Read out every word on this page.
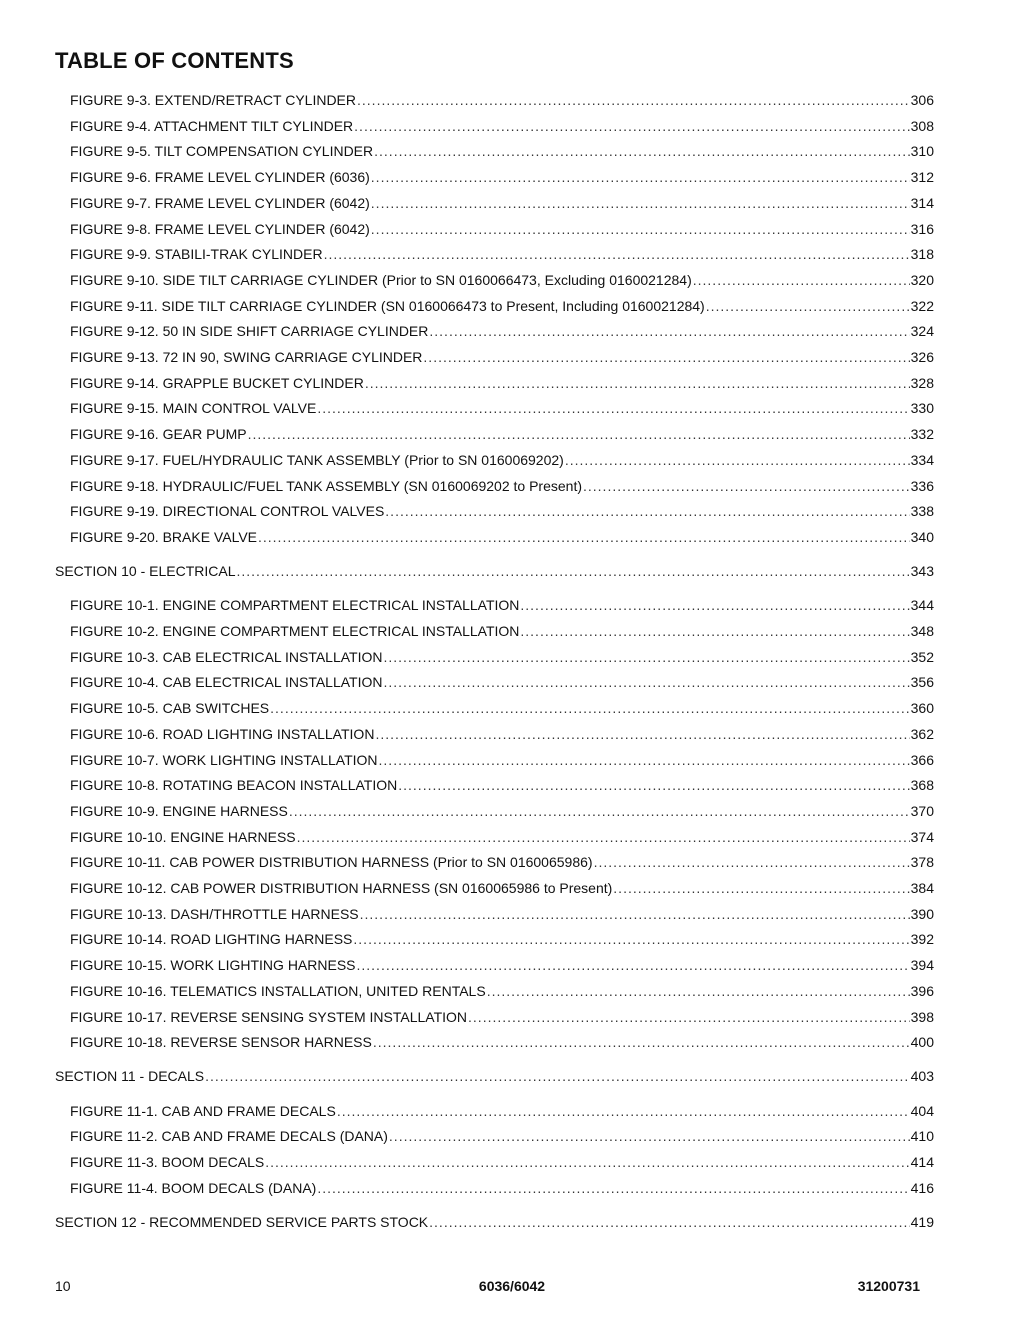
TABLE OF CONTENTS
FIGURE 9-3. EXTEND/RETRACT CYLINDER .....	306
FIGURE 9-4. ATTACHMENT TILT CYLINDER .....	308
FIGURE 9-5. TILT COMPENSATION CYLINDER .....	310
FIGURE 9-6. FRAME LEVEL CYLINDER (6036) .....	312
FIGURE 9-7. FRAME LEVEL CYLINDER (6042) .....	314
FIGURE 9-8. FRAME LEVEL CYLINDER (6042) .....	316
FIGURE 9-9. STABILI-TRAK CYLINDER .....	318
FIGURE 9-10. SIDE TILT CARRIAGE CYLINDER (Prior to SN 0160066473, Excluding 0160021284) .....	320
FIGURE 9-11. SIDE TILT CARRIAGE CYLINDER (SN 0160066473 to Present, Including 0160021284) .....	322
FIGURE 9-12. 50 IN SIDE SHIFT CARRIAGE CYLINDER .....	324
FIGURE 9-13. 72 IN 90, SWING CARRIAGE CYLINDER .....	326
FIGURE 9-14. GRAPPLE BUCKET CYLINDER .....	328
FIGURE 9-15. MAIN CONTROL VALVE .....	330
FIGURE 9-16. GEAR PUMP .....	332
FIGURE 9-17. FUEL/HYDRAULIC TANK ASSEMBLY (Prior to SN 0160069202) .....	334
FIGURE 9-18. HYDRAULIC/FUEL TANK ASSEMBLY (SN 0160069202 to Present) .....	336
FIGURE 9-19. DIRECTIONAL CONTROL VALVES .....	338
FIGURE 9-20. BRAKE VALVE .....	340
SECTION 10 - ELECTRICAL .....	343
FIGURE 10-1. ENGINE COMPARTMENT ELECTRICAL INSTALLATION .....	344
FIGURE 10-2. ENGINE COMPARTMENT ELECTRICAL INSTALLATION .....	348
FIGURE 10-3. CAB ELECTRICAL INSTALLATION .....	352
FIGURE 10-4. CAB ELECTRICAL INSTALLATION .....	356
FIGURE 10-5. CAB SWITCHES .....	360
FIGURE 10-6. ROAD LIGHTING INSTALLATION .....	362
FIGURE 10-7. WORK LIGHTING INSTALLATION .....	366
FIGURE 10-8. ROTATING BEACON INSTALLATION .....	368
FIGURE 10-9. ENGINE HARNESS .....	370
FIGURE 10-10. ENGINE HARNESS .....	374
FIGURE 10-11. CAB POWER DISTRIBUTION HARNESS (Prior to SN 0160065986) .....	378
FIGURE 10-12. CAB POWER DISTRIBUTION HARNESS (SN 0160065986 to Present) .....	384
FIGURE 10-13. DASH/THROTTLE HARNESS .....	390
FIGURE 10-14. ROAD LIGHTING HARNESS .....	392
FIGURE 10-15. WORK LIGHTING HARNESS .....	394
FIGURE 10-16. TELEMATICS INSTALLATION, UNITED RENTALS .....	396
FIGURE 10-17. REVERSE SENSING SYSTEM INSTALLATION .....	398
FIGURE 10-18. REVERSE SENSOR HARNESS .....	400
SECTION 11 - DECALS .....	403
FIGURE 11-1. CAB AND FRAME DECALS .....	404
FIGURE 11-2. CAB AND FRAME DECALS (DANA) .....	410
FIGURE 11-3. BOOM DECALS .....	414
FIGURE 11-4. BOOM DECALS (DANA) .....	416
SECTION 12 - RECOMMENDED SERVICE PARTS STOCK .....	419
10	6036/6042	31200731
